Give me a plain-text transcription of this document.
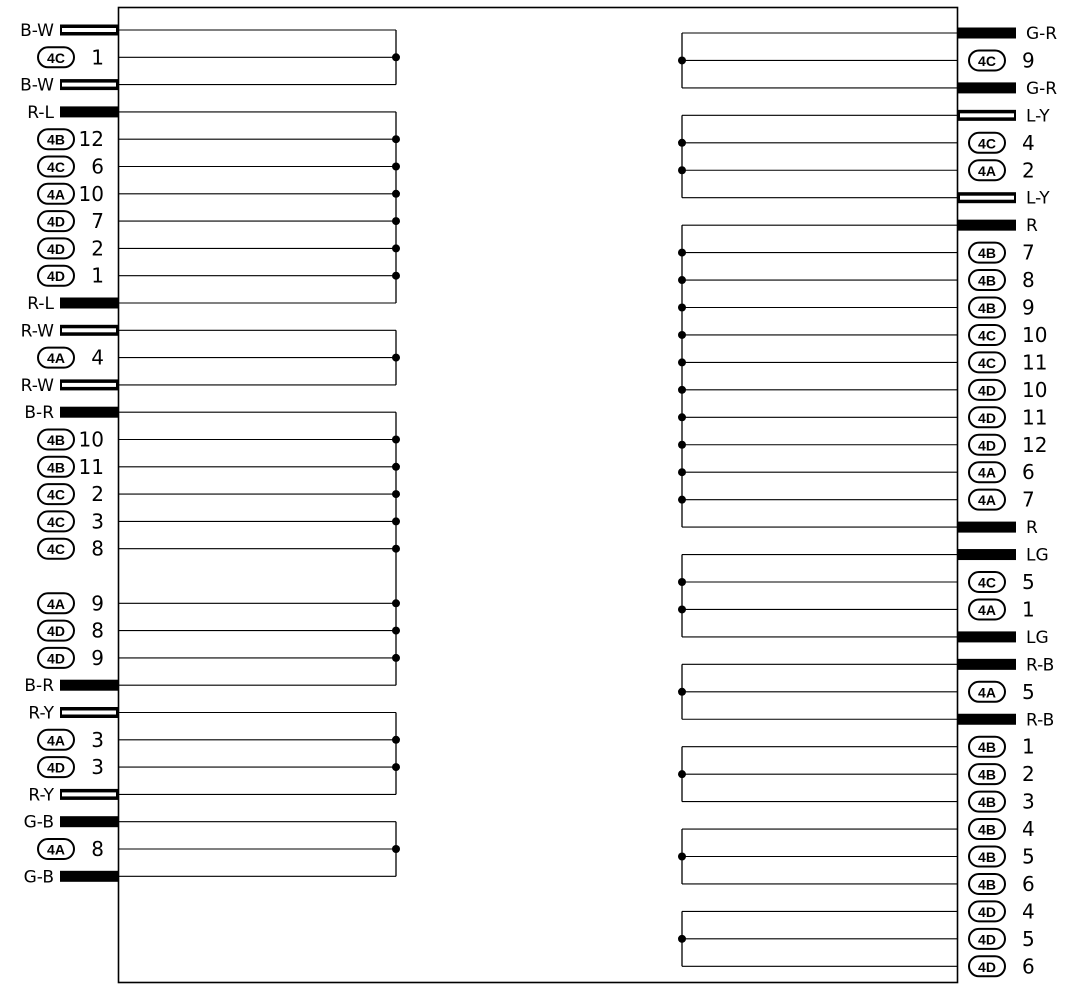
B-W
4C 1
B-W
R-L
4B 12
4C 6
4A 10
4D 7
4D 2
4D 1
R-L
R-W
4A 4
R-W
B-R
4B 10
4B 11
4C 2
4C 3
4C 8
4A 9
4D 8
4D 9
B-R
R-Y
4A 3
4D 3
R-Y
G-B
4A 8
G-B
G-R
4C 9
G-R
L-Y
4C 4
4A 2
L-Y
R
4B 7
4B 8
4B 9
4C 10
4C 11
4D 10
4D 11
4D 12
4A 6
4A 7
R
LG
4C 5
4A 1
LG
R-B
4A 5
R-B
4B 1
4B 2
4B 3
4B 4
4B 5
4B 6
4D 4
4D 5
4D 6
